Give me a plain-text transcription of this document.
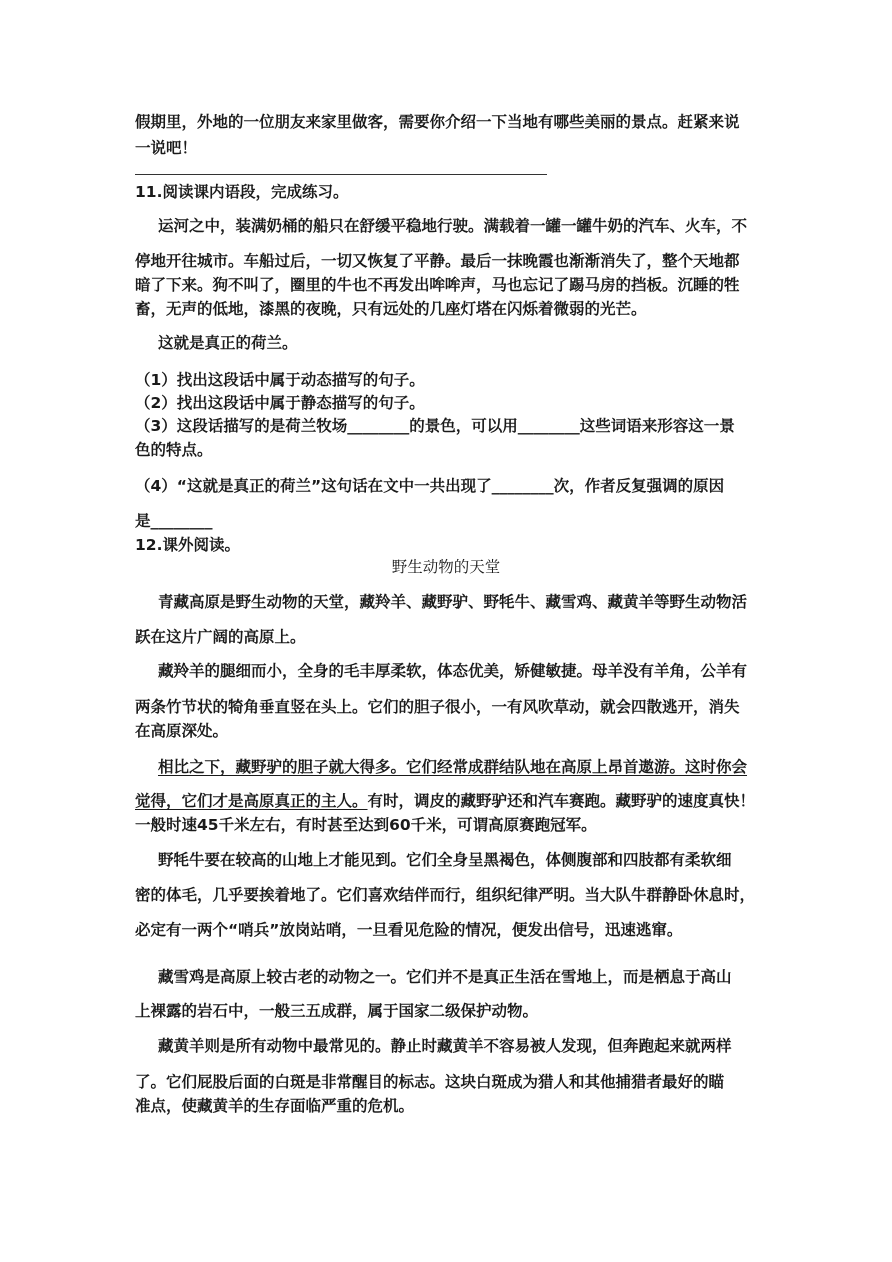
假期里，外地的一位朋友来家里做客，需要你介绍一下当地有哪些美丽的景点。赶紧来说
一说吧！
11.阅读课内语段，完成练习。
运河之中，装满奶桶的船只在舒缓平稳地行驶。满载着一罐一罐牛奶的汽车、火车，不
停地开往城市。车船过后，一切又恢复了平静。最后一抹晚霞也渐渐消失了，整个天地都
暗了下来。狗不叫了，圈里的牛也不再发出哞哞声，马也忘记了踢马房的挡板。沉睡的牲
畜，无声的低地，漆黑的夜晚，只有远处的几座灯塔在闪烁着微弱的光芒。
这就是真正的荷兰。
（1）找出这段话中属于动态描写的句子。
（2）找出这段话中属于静态描写的句子。
（3）这段话描写的是荷兰牧场________的景色，可以用________这些词语来形容这一景
色的特点。
（4）“这就是真正的荷兰”这句话在文中一共出现了________次，作者反复强调的原因
是________
12.课外阅读。
野生动物的天堂
青藏高原是野生动物的天堂，藏羚羊、藏野驴、野牦牛、藏雪鸡、藏黄羊等野生动物活
跃在这片广阔的高原上。
藏羚羊的腿细而小，全身的毛丰厚柔软，体态优美，矫健敏捷。母羊没有羊角，公羊有
两条竹节状的犄角垂直竖在头上。它们的胆子很小，一有风吹草动，就会四散逃开，消失
在高原深处。
相比之下，藏野驴的胆子就大得多。它们经常成群结队地在高原上昂首遨游。这时你会
觉得，它们才是高原真正的主人。有时，调皮的藏野驴还和汽车赛跑。藏野驴的速度真快！
一般时速45千米左右，有时甚至达到60千米，可谓高原赛跑冠军。
野牦牛要在较高的山地上才能见到。它们全身呈黑褐色，体侧腹部和四肢都有柔软细
密的体毛，几乎要挨着地了。它们喜欢结伴而行，组织纪律严明。当大队牛群静卧休息时，
必定有一两个“哨兵”放岗站哨，一旦看见危险的情况，便发出信号，迅速逃窜。
藏雪鸡是高原上较古老的动物之一。它们并不是真正生活在雪地上，而是栖息于高山
上裸露的岩石中，一般三五成群，属于国家二级保护动物。
藏黄羊则是所有动物中最常见的。静止时藏黄羊不容易被人发现，但奔跑起来就两样
了。它们屁股后面的白斑是非常醒目的标志。这块白斑成为猎人和其他捕猎者最好的瞄
准点，使藏黄羊的生存面临严重的危机。
